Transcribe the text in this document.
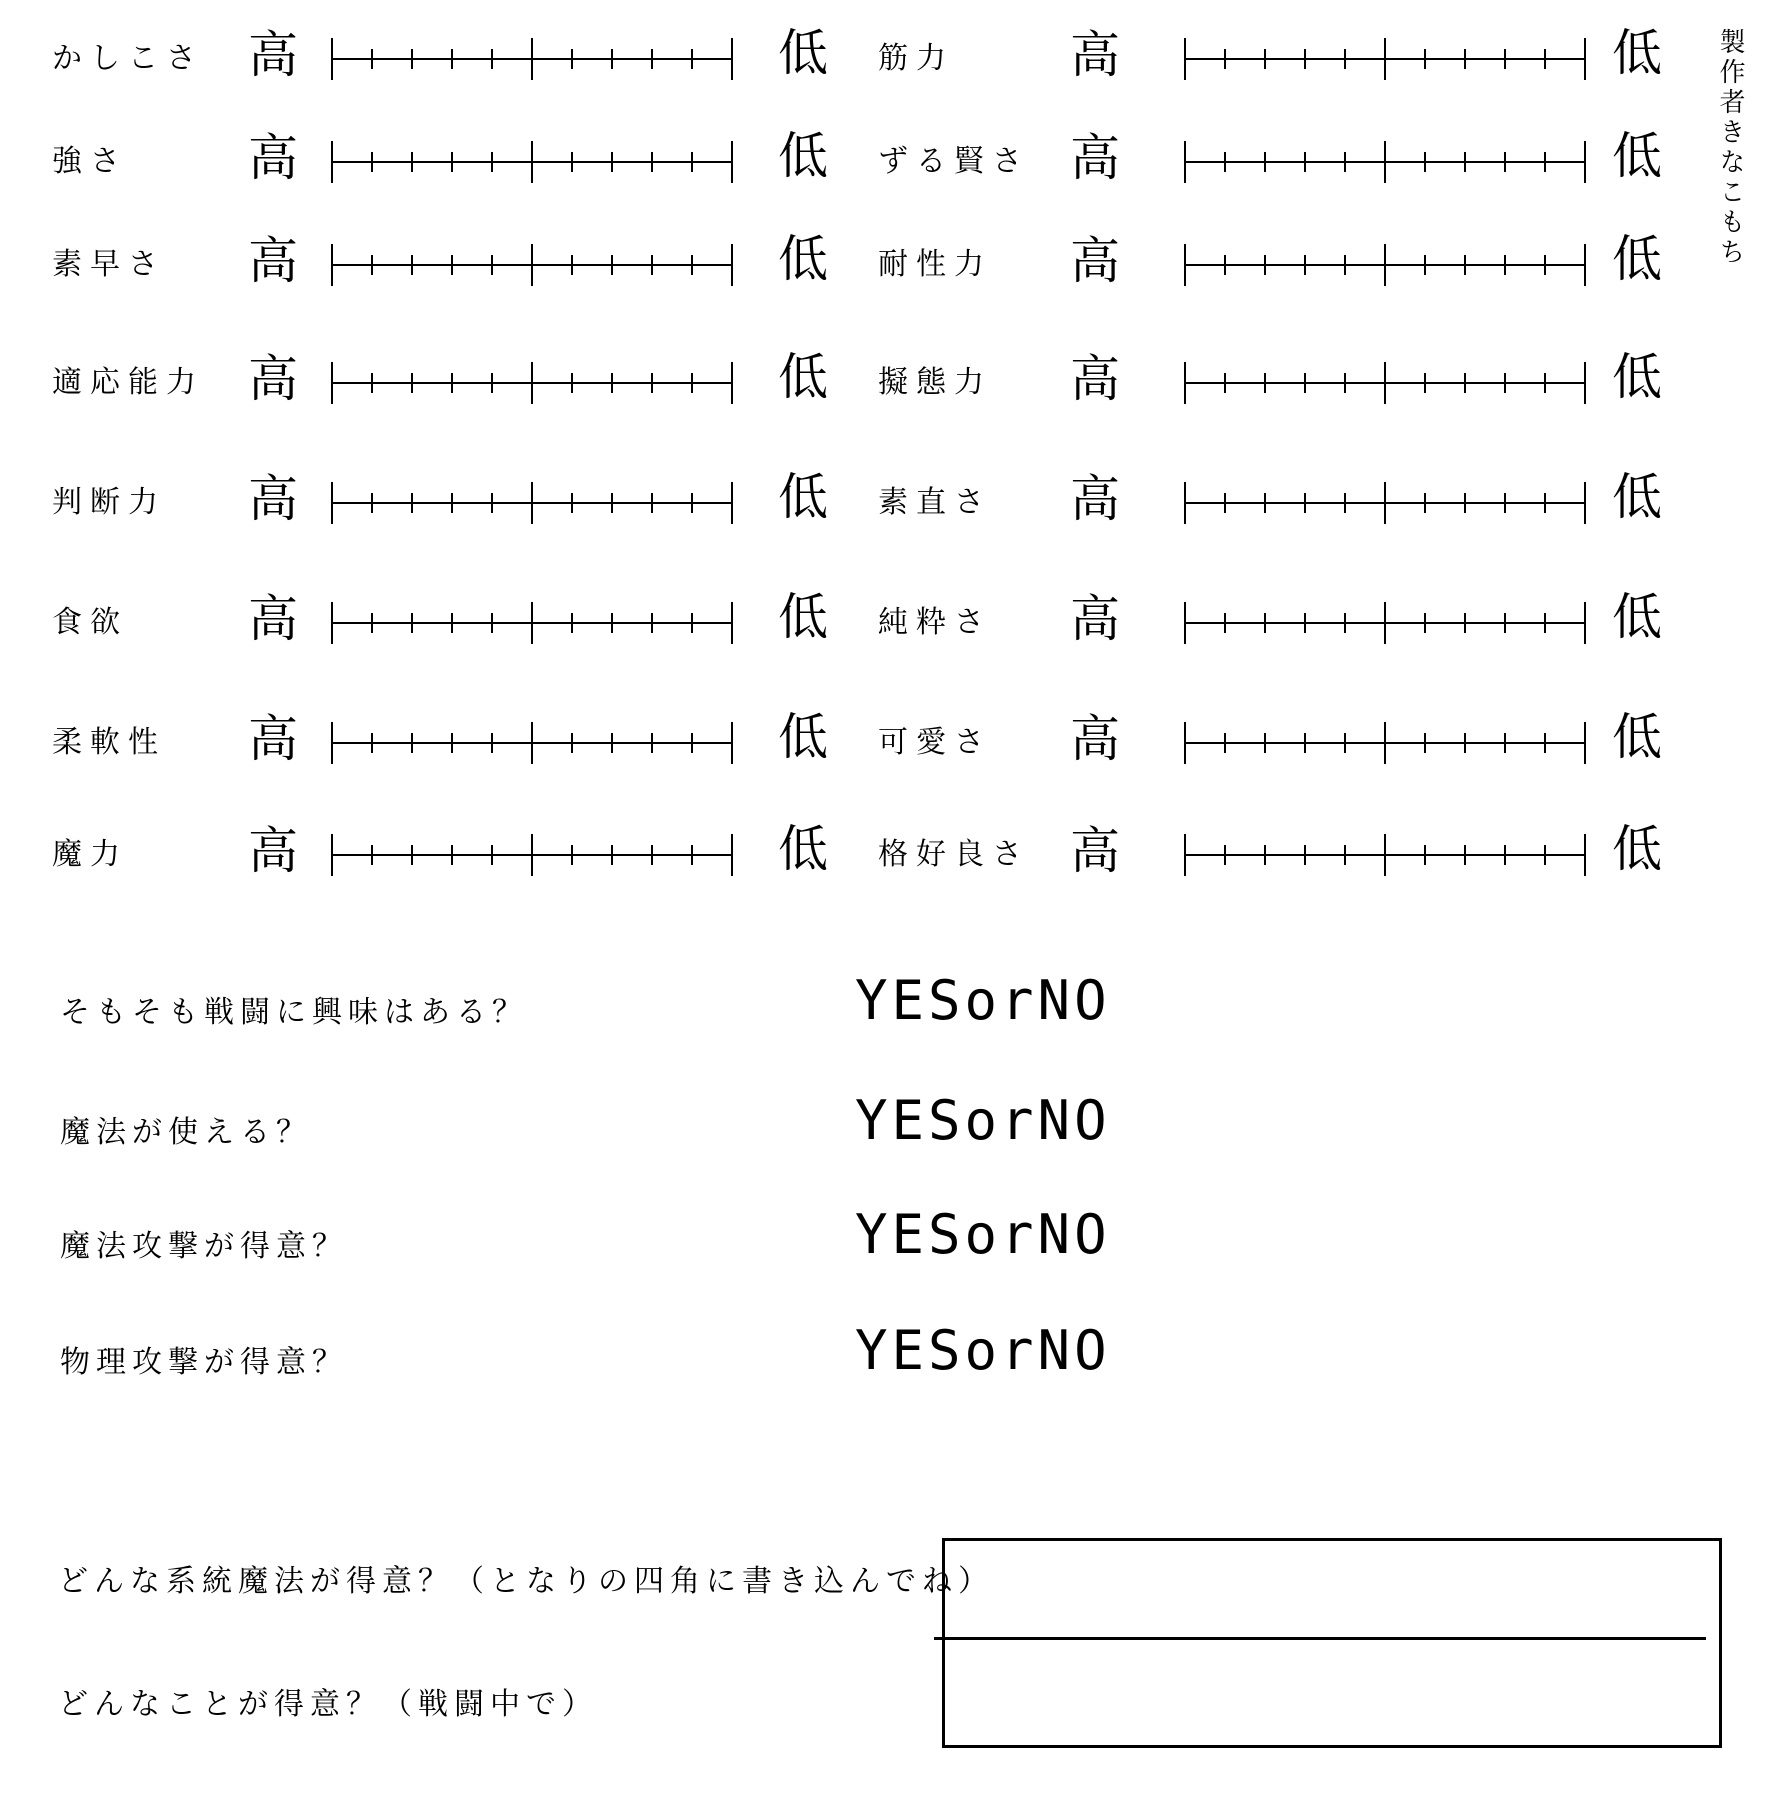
製作者きなこもち
かしこさ 高	低
強さ 高	低
素早さ 高	低
適応能力 高	低
判断力 高	低
食欲 高	低
柔軟性 高	低
魔力 高	低
筋力 高	低
ずる賢さ 高	低
耐性力 高	低
擬態力 高	低
素直さ 高	低
純粋さ 高	低
可愛さ 高	低
格好良さ 高	低
そもそも戦闘に興味はある？	YESorNO
魔法が使える？	YESorNO
魔法攻撃が得意？	YESorNO
物理攻撃が得意？	YESorNO
どんな系統魔法が得意？（となりの四角に書き込んでね）
どんなことが得意？（戦闘中で）
